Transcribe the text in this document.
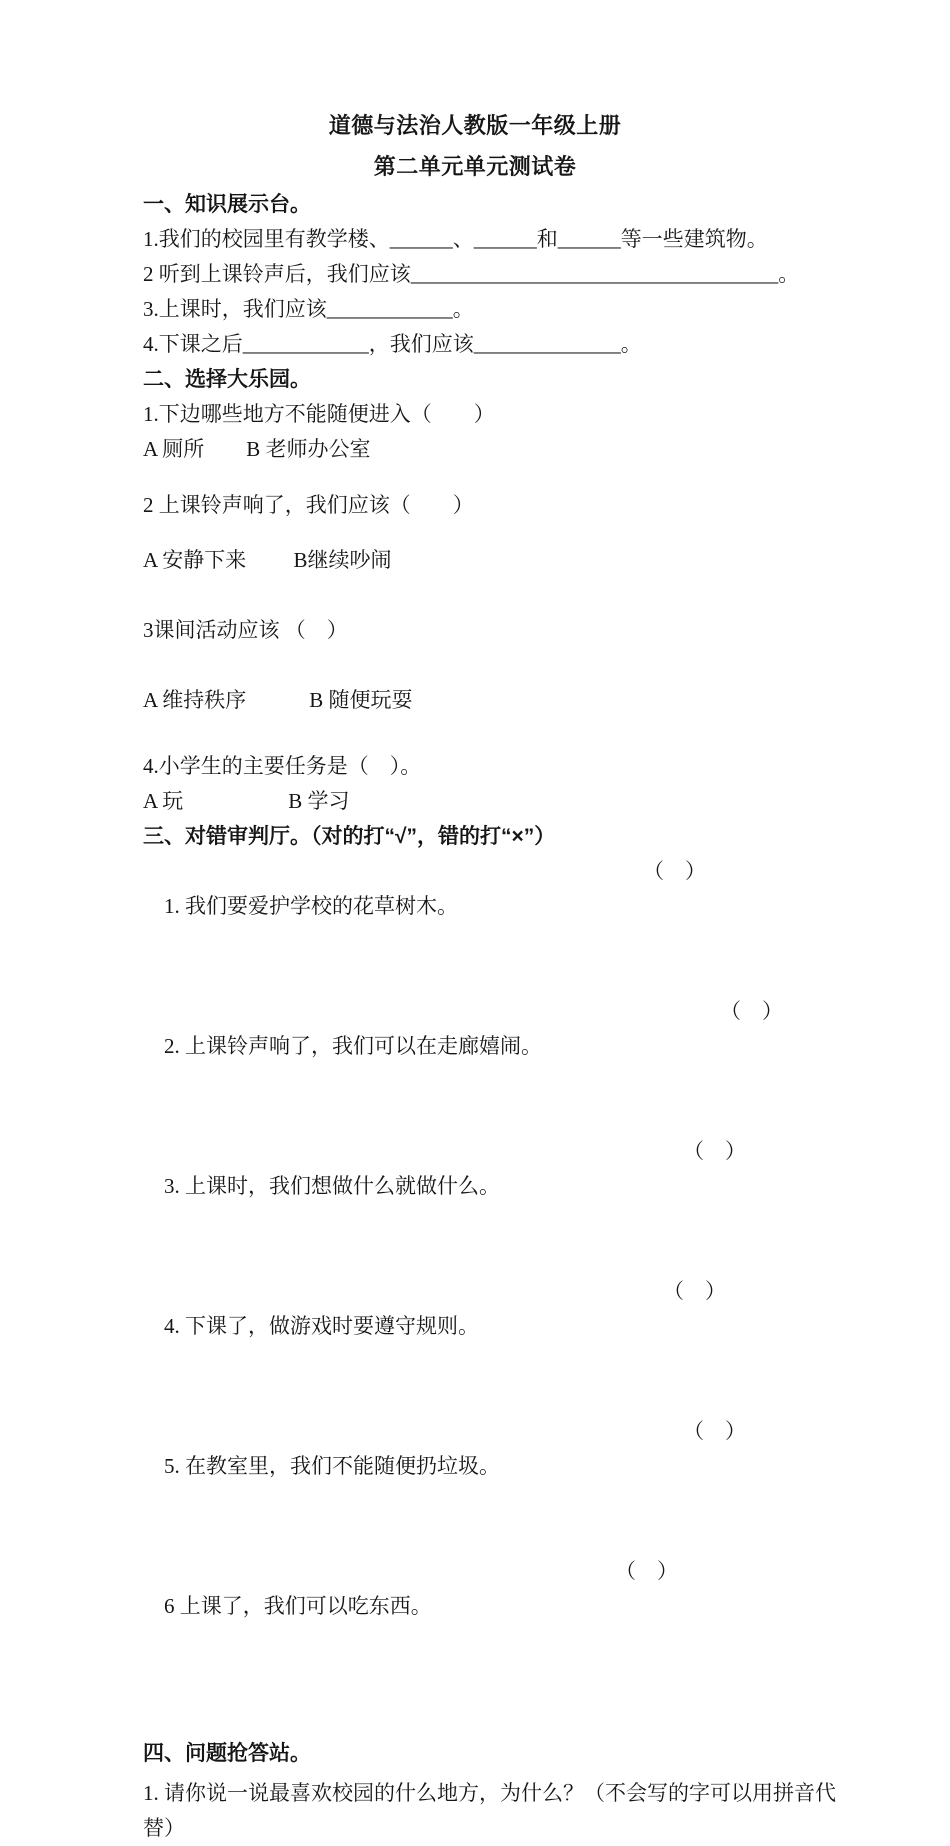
道德与法治人教版一年级上册
第二单元单元测试卷
一、知识展示台。
1.我们的校园里有教学楼、______、______和______等一些建筑物。
2 听到上课铃声后，我们应该___________________________________。
3.上课时，我们应该____________。
4.下课之后____________，我们应该______________。
二、选择大乐园。
1.下边哪些地方不能随便进入（　　）
A 厕所　　B 老师办公室
2 上课铃声响了，我们应该（　　）
A 安静下来　　 B继续吵闹
3课间活动应该 （　）
A 维持秩序　　　B 随便玩耍
4.小学生的主要任务是（　）。
A 玩　　　　　B 学习
三、对错审判厅。（对的打“√”，错的打“×”）

1. 我们要爱护学校的花草树木。

（　）

2. 上课铃声响了，我们可以在走廊嬉闹。

（　）

3. 上课时，我们想做什么就做什么。

（　）

4. 下课了，做游戏时要遵守规则。

（　）

5. 在教室里，我们不能随便扔垃圾。

（　）

6 上课了，我们可以吃东西。

（　）

四、问题抢答站。
1. 请你说一说最喜欢校园的什么地方，为什么？（不会写的字可以用拼音代
替）
